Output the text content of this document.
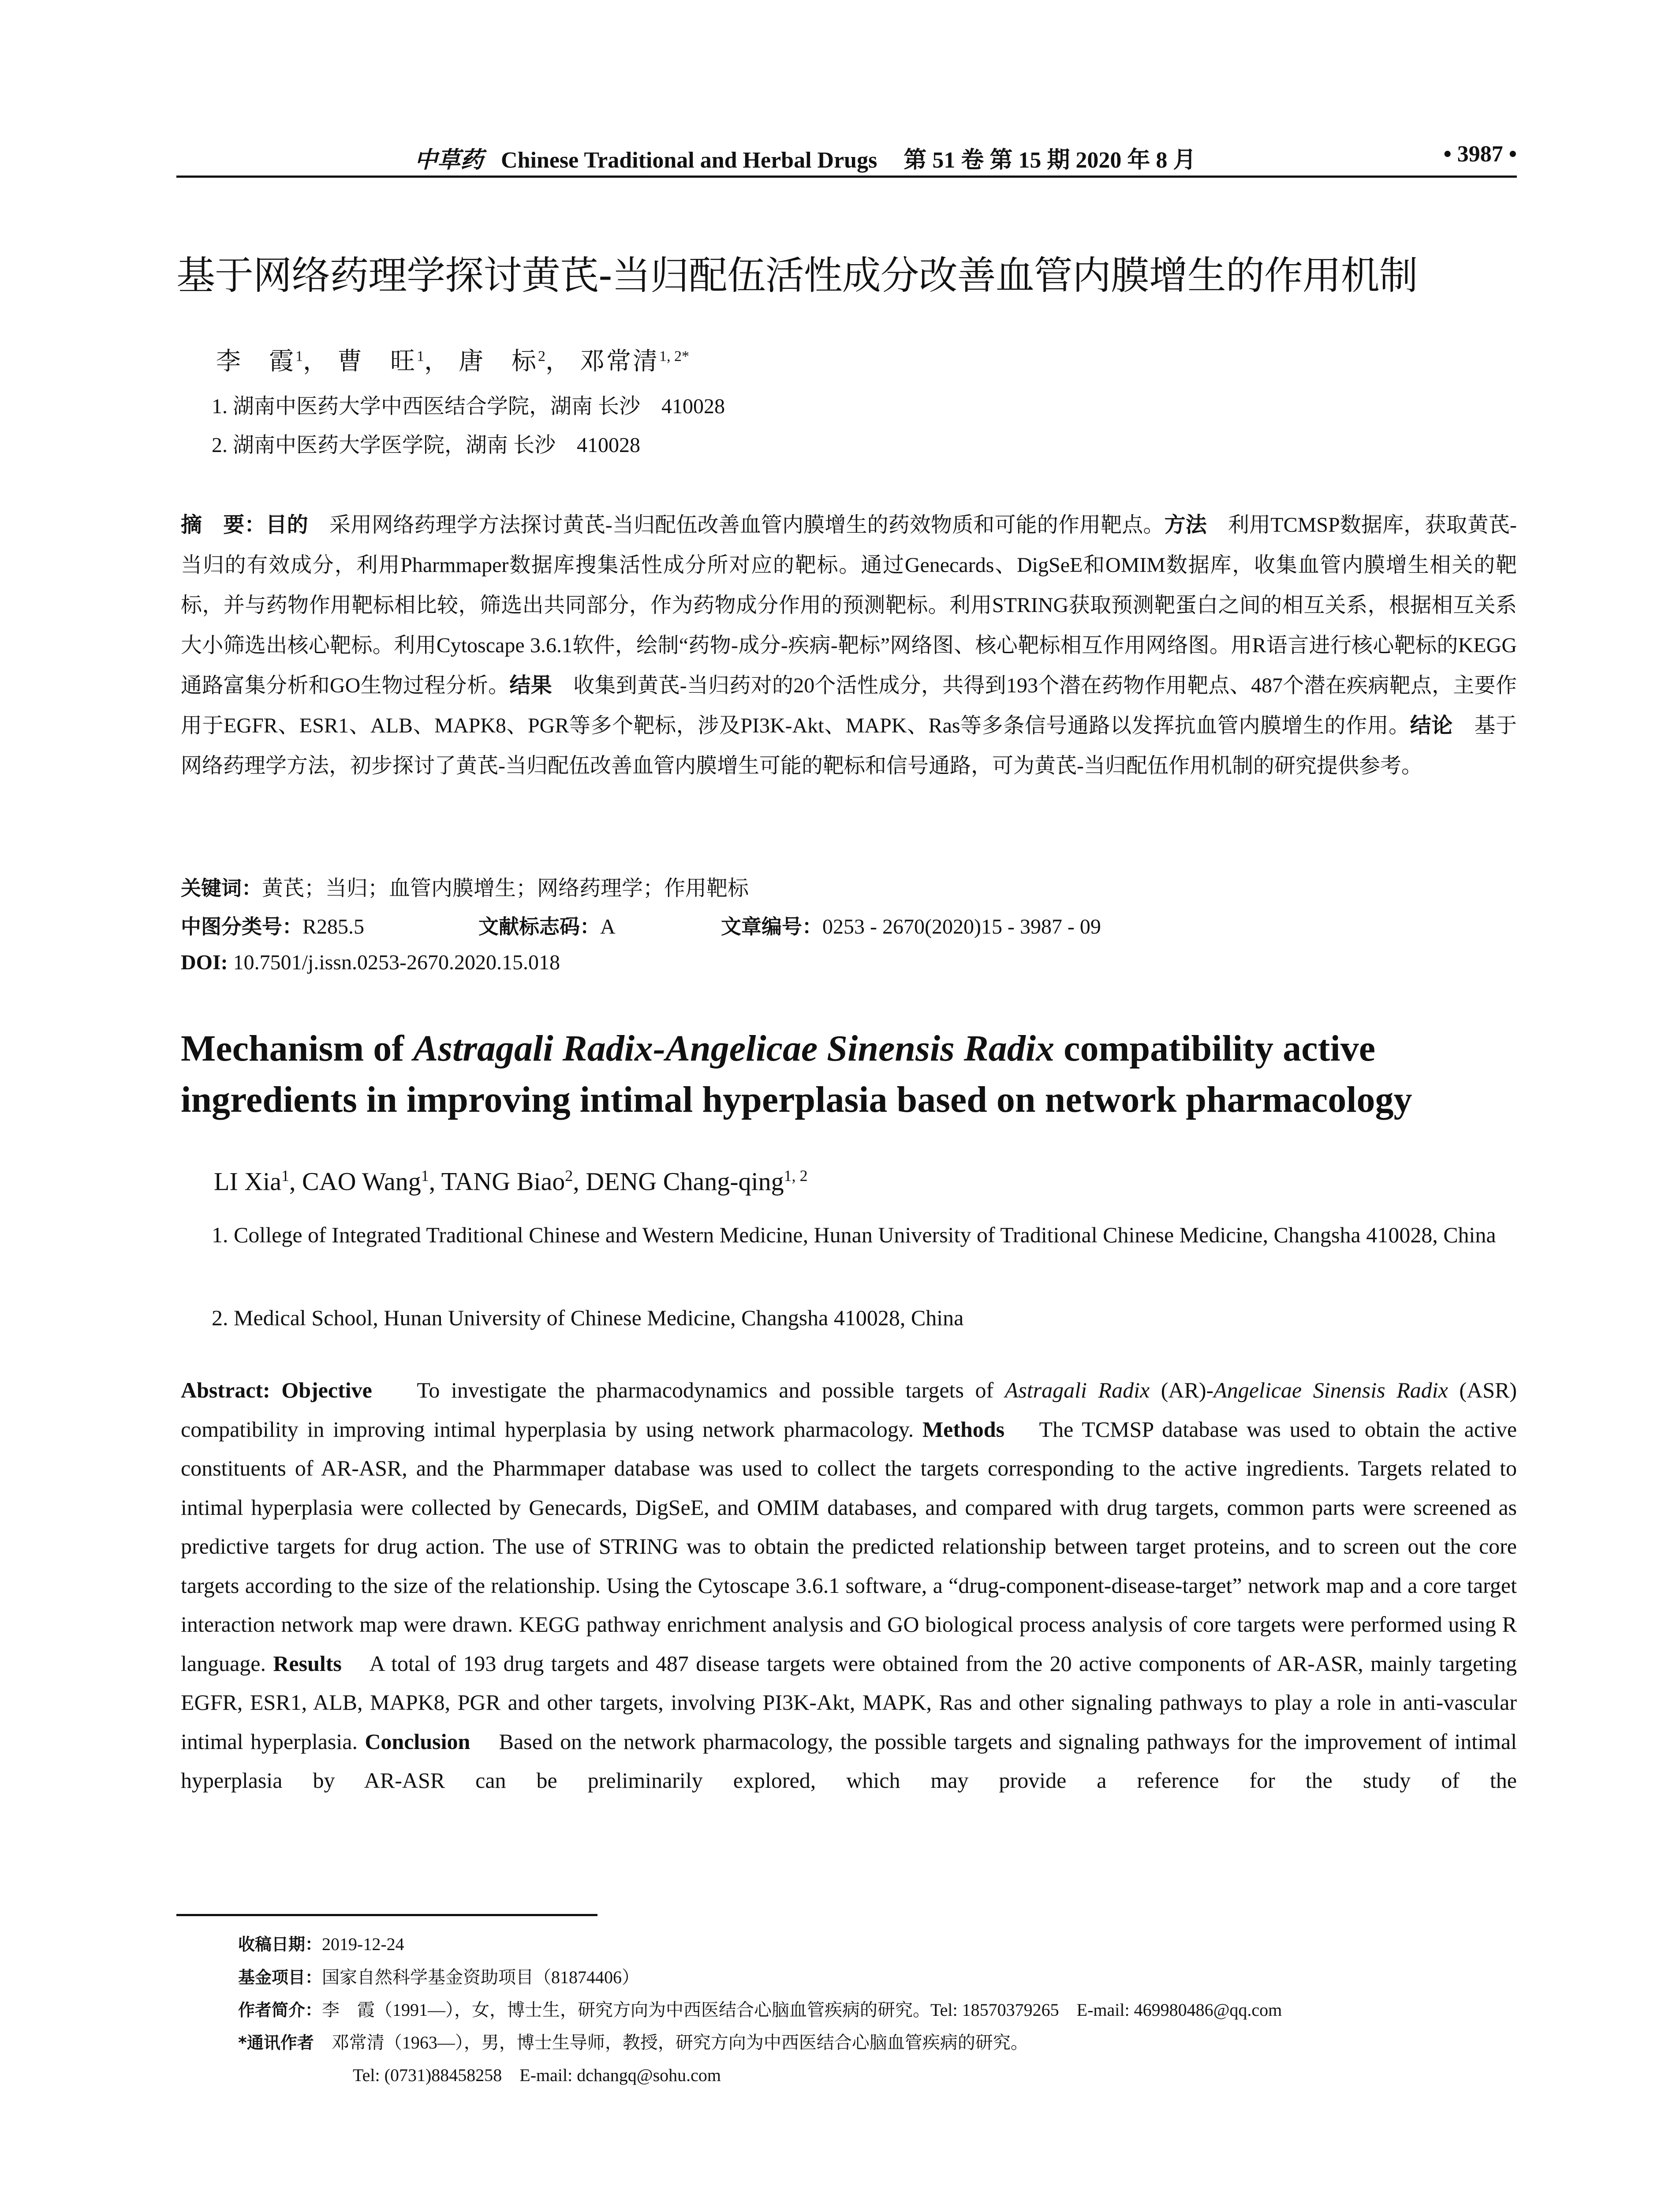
中草药 Chinese Traditional and Herbal Drugs 第 51 卷 第 15 期 2020 年 8 月	• 3987 •
基于网络药理学探讨黄芪-当归配伍活性成分改善血管内膜增生的作用机制
李　霞$^1$， 曹　旺$^1$， 唐　标$^2$， 邓常清$^{1, 2*}$
1. 湖南中医药大学中西医结合学院，湖南 长沙　410028
2. 湖南中医药大学医学院，湖南 长沙　410028
摘　要：目的　 采用网络药理学方法探讨黄芪-当归配伍改善血管内膜增生的药效物质和可能的作用靶点。方法　 利用TCMSP数据库，获取黄芪-当归的有效成分，利用Pharmmaper数据库搜集活性成分所对应的靶标。通过Genecards、DigSeE和OMIM数据库，收集血管内膜增生相关的靶标，并与药物作用靶标相比较，筛选出共同部分，作为药物成分作用的预测靶标。利用STRING获取预测靶蛋白之间的相互关系，根据相互关系大小筛选出核心靶标。利用Cytoscape 3.6.1软件，绘制“药物-成分-疾病-靶标”网络图、核心靶标相互作用网络图。用R语言进行核心靶标的KEGG通路富集分析和GO生物过程分析。结果　 收集到黄芪-当归药对的20个活性成分，共得到193个潜在药物作用靶点、487个潜在疾病靶点，主要作用于EGFR、ESR1、ALB、MAPK8、PGR等多个靶标，涉及PI3K-Akt、MAPK、Ras等多条信号通路以发挥抗血管内膜增生的作用。结论　 基于网络药理学方法，初步探讨了黄芪-当归配伍改善血管内膜增生可能的靶标和信号通路，可为黄芪-当归配伍作用机制的研究提供参考。
关键词：黄芪；当归；血管内膜增生；网络药理学；作用靶标
中图分类号：R285.5	文献标志码：A	文章编号：0253 - 2670(2020)15 - 3987 - 09
DOI: 10.7501/j.issn.0253-2670.2020.15.018
Mechanism of Astragali Radix-Angelicae Sinensis Radix compatibility active ingredients in improving intimal hyperplasia based on network pharmacology
LI Xia$^1$, CAO Wang$^1$, TANG Biao$^2$, DENG Chang-qing$^{1, 2}$
1. College of Integrated Traditional Chinese and Western Medicine, Hunan University of Traditional Chinese Medicine, Changsha 410028, China
2. Medical School, Hunan University of Chinese Medicine, Changsha 410028, China
Abstract: Objective To investigate the pharmacodynamics and possible targets of Astragali Radix (AR)-Angelicae Sinensis Radix (ASR) compatibility in improving intimal hyperplasia by using network pharmacology. Methods The TCMSP database was used to obtain the active constituents of AR-ASR, and the Pharmmaper database was used to collect the targets corresponding to the active ingredients. Targets related to intimal hyperplasia were collected by Genecards, DigSeE, and OMIM databases, and compared with drug targets, common parts were screened as predictive targets for drug action. The use of STRING was to obtain the predicted relationship between target proteins, and to screen out the core targets according to the size of the relationship. Using the Cytoscape 3.6.1 software, a “drug-component-disease-target” network map and a core target interaction network map were drawn. KEGG pathway enrichment analysis and GO biological process analysis of core targets were performed using R language. Results A total of 193 drug targets and 487 disease targets were obtained from the 20 active components of AR-ASR, mainly targeting EGFR, ESR1, ALB, MAPK8, PGR and other targets, involving PI3K-Akt, MAPK, Ras and other signaling pathways to play a role in anti-vascular intimal hyperplasia. Conclusion Based on the network pharmacology, the possible targets and signaling pathways for the improvement of intimal hyperplasia by AR-ASR can be preliminarily explored, which may provide a reference for the study of the
收稿日期：2019-12-24
基金项目：国家自然科学基金资助项目（81874406）
作者简介：李　霞（1991—），女，博士生，研究方向为中西医结合心脑血管疾病的研究。Tel: 18570379265　E-mail: 469980486@qq.com
*通讯作者　 邓常清（1963—），男，博士生导师，教授，研究方向为中西医结合心脑血管疾病的研究。
Tel: (0731)88458258　E-mail: dchangq@sohu.com
